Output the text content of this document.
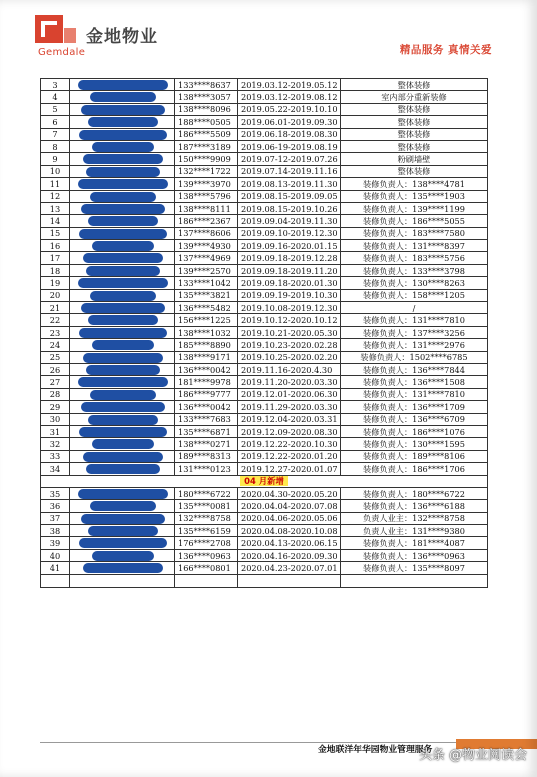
Gemdale
金地物业
精品服务 真情关爱
3		133****8637	2019.03.12-2019.05.12	整体装修
4		138****3057	2019.03.12-2019.08.12	室内部分重新装修
5		138****8096	2019.05.22-2019.10.10	整体装修
6		188****0505	2019.06.01-2019.09.30	整体装修
7		186****5509	2019.06.18-2019.08.30	整体装修
8		187****3189	2019.06-19-2019.08.19	整体装修
9		150****9909	2019.07-12-2019.07.26	粉刷墙壁
10		132****1722	2019.07.14-2019.11.16	整体装修
11		139****3970	2019.08.13-2019.11.30	装修负责人：138****4781
12		138****5796	2019.08.15-2019.09.05	装修负责人：135****1903
13		138****8111	2019.08.15-2019.10.26	装修负责人：139****1199
14		186****2367	2019.09.04-2019.11.30	装修负责人：186****5055
15		137****8606	2019.09.10-2019.12.30	装修负责人：183****7580
16		139****4930	2019.09.16-2020.01.15	装修负责人：131****8397
17		137****4969	2019.09.18-2019.12.28	装修负责人：183****5756
18		139****2570	2019.09.18-2019.11.20	装修负责人：133****3798
19		133****1042	2019.09.18-2020.01.30	装修负责人：130****8263
20		135****3821	2019.09.19-2019.10.30	装修负责人：158****1205
21		136****5482	2019.10.08-2019.12.30	/
22		156****1225	2019.10.12-2020.10.12	装修负责人：131****7810
23		138****1032	2019.10.21-2020.05.30	装修负责人：137****3256
24		185****8890	2019.10.23-2020.02.28	装修负责人：131****2976
25		138****9171	2019.10.25-2020.02.20	装修负责人：1502****6785
26		136****0042	2019.11.16-2020.4.30	装修负责人：136****7844
27		181****9978	2019.11.20-2020.03.30	装修负责人：136****1508
28		186****9777	2019.12.01-2020.06.30	装修负责人：131****7810
29		136****0042	2019.11.29-2020.03.30	装修负责人：136****1709
30		133****7683	2019.12.04-2020.03.31	装修负责人：136****6709
31		135****6871	2019.12.09-2020.08.30	装修负责人：186****1076
32		138****0271	2019.12.22-2020.10.30	装修负责人：130****1595
33		189****8313	2019.12.22-2020.01.20	装修负责人：189****8106
34		131****0123	2019.12.27-2020.01.07	装修负责人：186****1706
04 月新增				
35		180****6722	2020.04.30-2020.05.20	装修负责人：180****6722
36		135****0081	2020.04.04-2020.07.08	装修负责人：136****6188
37		132****8758	2020.04.06-2020.05.06	负责人业主：132****8758
38		135****6159	2020.04.08-2020.10.08	负责人业主：131****9380
39		176****2708	2020.04.13-2020.06.15	装修负责人：181****4087
40		136****0963	2020.04.16-2020.09.30	装修负责人：136****0963
41		166****0801	2020.04.23-2020.07.01	装修负责人：135****8097

金地联洋年华园物业管理服务
头条 @物业阅读会
